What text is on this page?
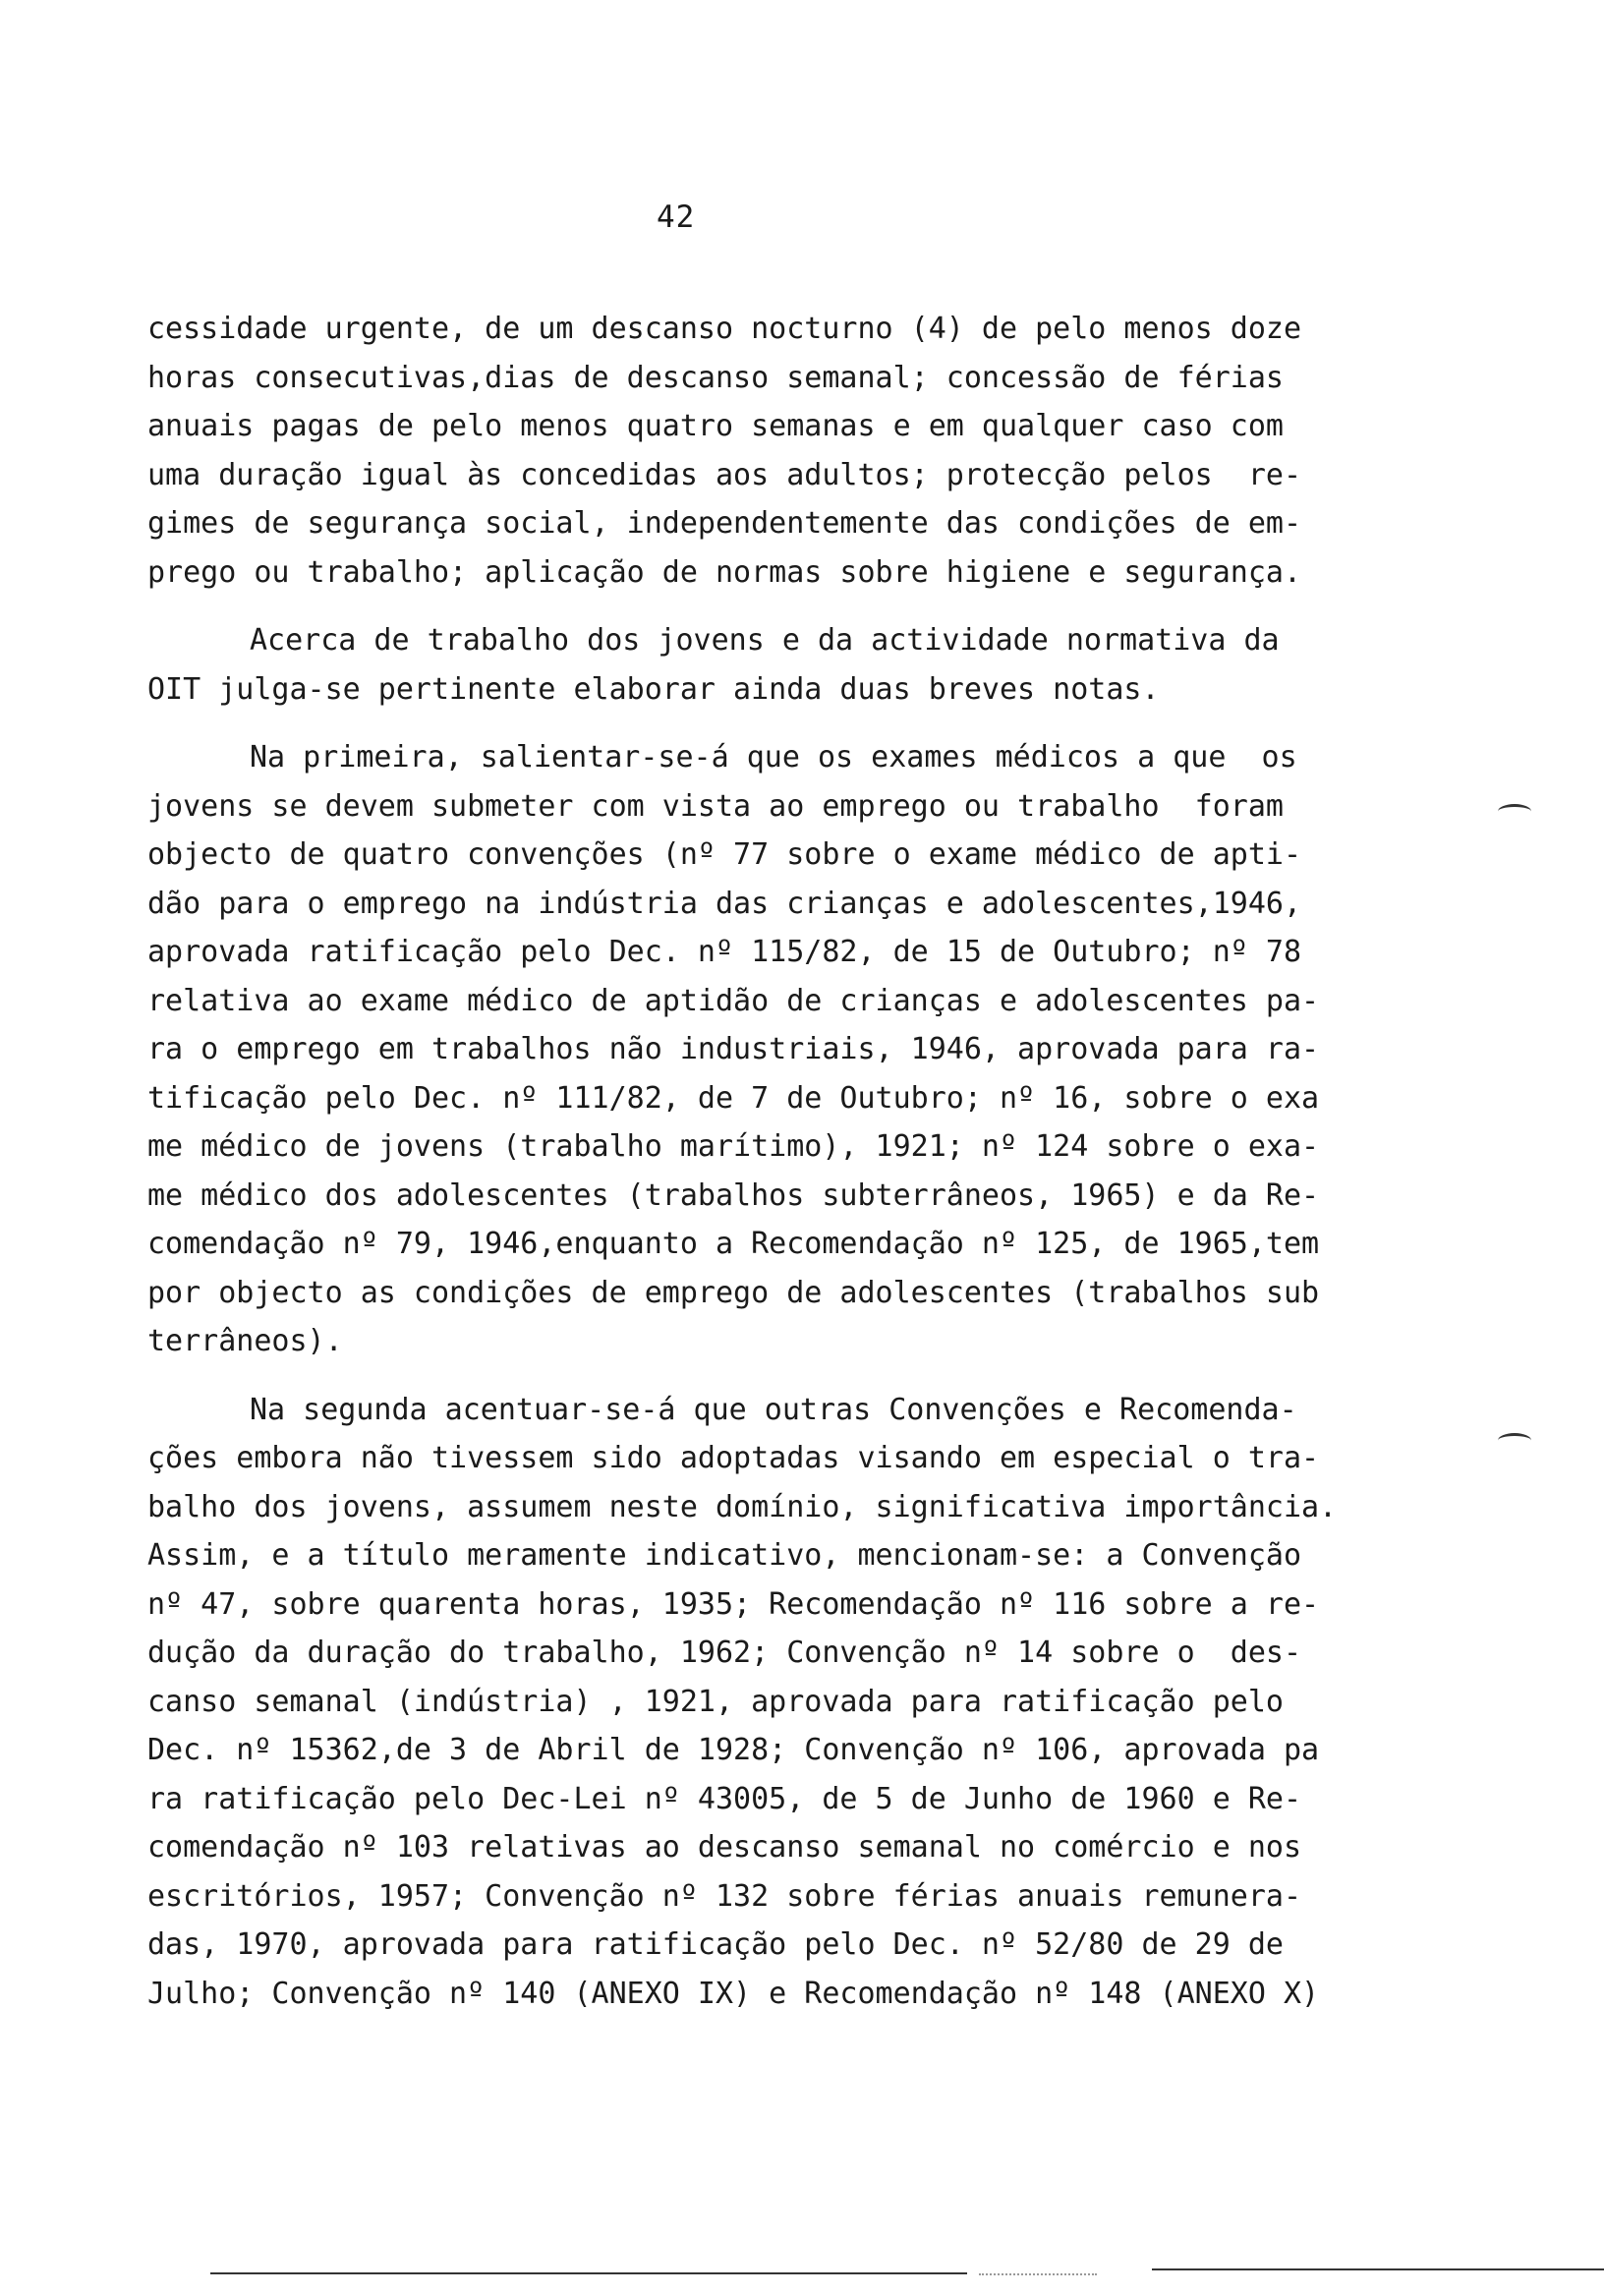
42
cessidade urgente, de um descanso nocturno (4) de pelo menos doze
horas consecutivas,dias de descanso semanal; concessão de férias
anuais pagas de pelo menos quatro semanas e em qualquer caso com
uma duração igual às concedidas aos adultos; protecção pelos  re-
gimes de segurança social, independentemente das condições de em-
prego ou trabalho; aplicação de normas sobre higiene e segurança.
Acerca de trabalho dos jovens e da actividade normativa da
OIT julga-se pertinente elaborar ainda duas breves notas.
Na primeira, salientar-se-á que os exames médicos a que  os
jovens se devem submeter com vista ao emprego ou trabalho  foram
objecto de quatro convenções (nº 77 sobre o exame médico de apti-
dão para o emprego na indústria das crianças e adolescentes,1946,
aprovada ratificação pelo Dec. nº 115/82, de 15 de Outubro; nº 78
relativa ao exame médico de aptidão de crianças e adolescentes pa-
ra o emprego em trabalhos não industriais, 1946, aprovada para ra-
tificação pelo Dec. nº 111/82, de 7 de Outubro; nº 16, sobre o exa
me médico de jovens (trabalho marítimo), 1921; nº 124 sobre o exa-
me médico dos adolescentes (trabalhos subterrâneos, 1965) e da Re-
comendação nº 79, 1946,enquanto a Recomendação nº 125, de 1965,tem
por objecto as condições de emprego de adolescentes (trabalhos sub
terrâneos).
Na segunda acentuar-se-á que outras Convenções e Recomenda-
ções embora não tivessem sido adoptadas visando em especial o tra-
balho dos jovens, assumem neste domínio, significativa importância.
Assim, e a título meramente indicativo, mencionam-se: a Convenção
nº 47, sobre quarenta horas, 1935; Recomendação nº 116 sobre a re-
dução da duração do trabalho, 1962; Convenção nº 14 sobre o  des-
canso semanal (indústria) , 1921, aprovada para ratificação pelo
Dec. nº 15362,de 3 de Abril de 1928; Convenção nº 106, aprovada pa
ra ratificação pelo Dec-Lei nº 43005, de 5 de Junho de 1960 e Re-
comendação nº 103 relativas ao descanso semanal no comércio e nos
escritórios, 1957; Convenção nº 132 sobre férias anuais remunera-
das, 1970, aprovada para ratificação pelo Dec. nº 52/80 de 29 de
Julho; Convenção nº 140 (ANEXO IX) e Recomendação nº 148 (ANEXO X)
